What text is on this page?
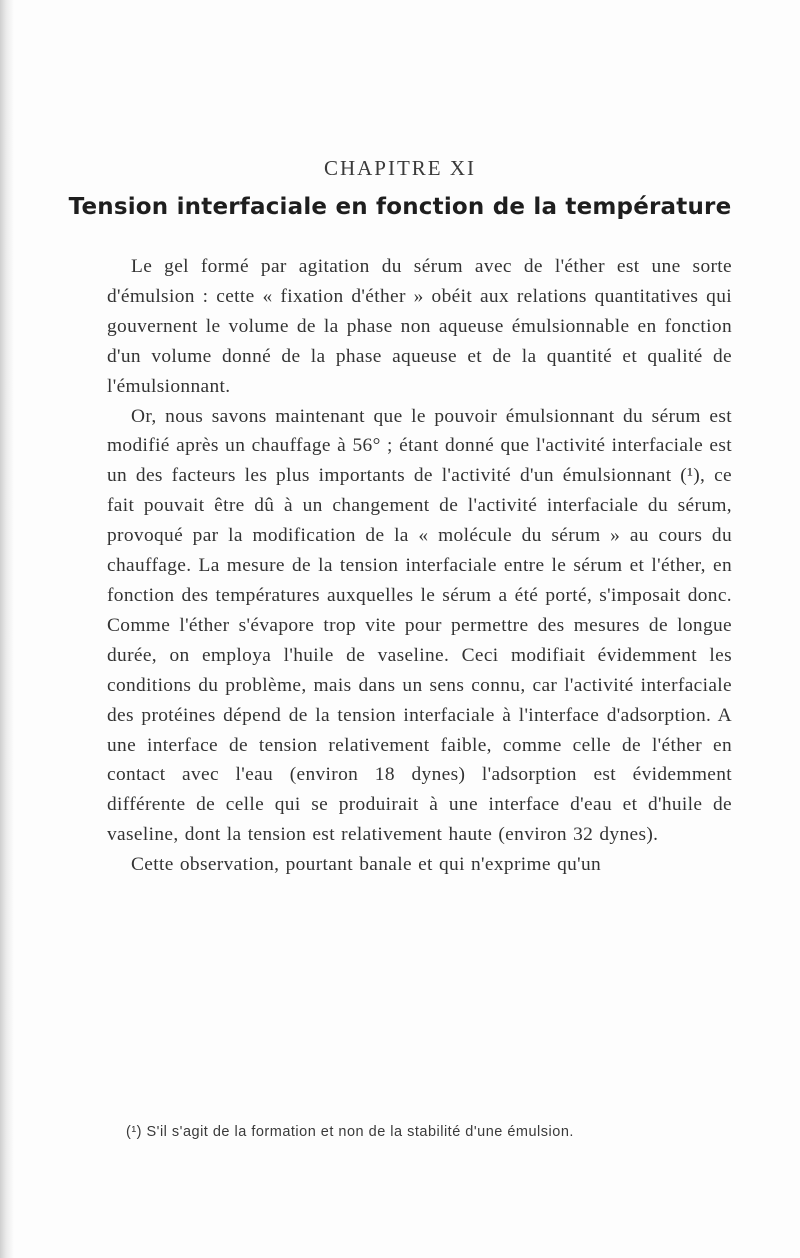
CHAPITRE XI
Tension interfaciale en fonction de la température

Le gel formé par agitation du sérum avec de l'éther est une sorte d'émulsion : cette « fixation d'éther » obéit aux relations quantitatives qui gouvernent le volume de la phase non aqueuse émulsionnable en fonction d'un volume donné de la phase aqueuse et de la quantité et qualité de l'émulsionnant.

Or, nous savons maintenant que le pouvoir émulsionnant du sérum est modifié après un chauffage à 56° ; étant donné que l'activité interfaciale est un des facteurs les plus importants de l'activité d'un émulsionnant (¹), ce fait pouvait être dû à un changement de l'activité interfaciale du sérum, provoqué par la modification de la « molécule du sérum » au cours du chauffage. La mesure de la tension interfaciale entre le sérum et l'éther, en fonction des températures auxquelles le sérum a été porté, s'imposait donc. Comme l'éther s'évapore trop vite pour permettre des mesures de longue durée, on employa l'huile de vaseline. Ceci modifiait évidemment les conditions du problème, mais dans un sens connu, car l'activité interfaciale des protéines dépend de la tension interfaciale à l'interface d'adsorption. A une interface de tension relativement faible, comme celle de l'éther en contact avec l'eau (environ 18 dynes) l'adsorption est évidemment différente de celle qui se produirait à une interface d'eau et d'huile de vaseline, dont la tension est relativement haute (environ 32 dynes).

Cette observation, pourtant banale et qui n'exprime qu'un

(¹) S'il s'agit de la formation et non de la stabilité d'une émulsion.
